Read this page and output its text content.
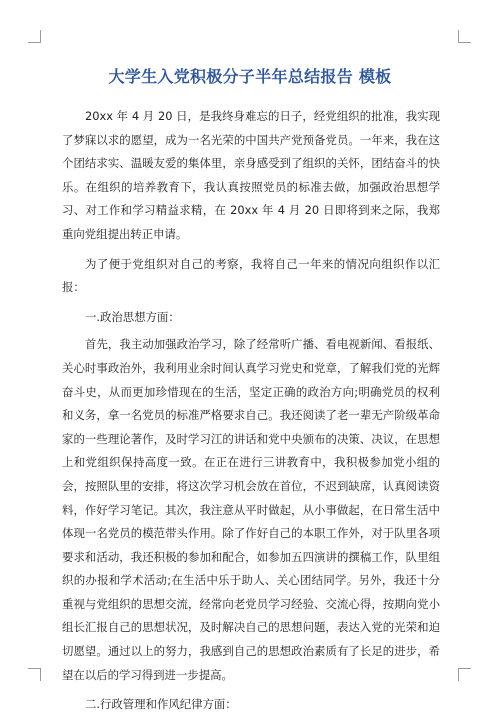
大学生入党积极分子半年总结报告 模板

20xx 年 4 月 20 日，是我终身难忘的日子，经党组织的批准，我实现了梦寐以求的愿望，成为一名光荣的中国共产党预备党员。一年来，我在这个团结求实、温暖友爱的集体里，亲身感受到了组织的关怀，团结奋斗的快乐。在组织的培养教育下，我认真按照党员的标准去做，加强政治思想学习、对工作和学习精益求精，在 20xx 年 4 月 20 日即将到来之际，我郑重向党组提出转正申请。

为了便于党组织对自己的考察，我将自己一年来的情况向组织作以汇报：

一.政治思想方面：

首先，我主动加强政治学习，除了经常听广播、看电视新闻、看报纸、关心时事政治外，我利用业余时间认真学习党史和党章，了解我们党的光辉奋斗史，从而更加珍惜现在的生活，坚定正确的政治方向;明确党员的权利和义务，拿一名党员的标准严格要求自己。我还阅读了老一辈无产阶级革命家的一些理论著作，及时学习江的讲话和党中央颁布的决策、决议，在思想上和党组织保持高度一致。在正在进行三讲教育中，我积极参加党小组的会，按照队里的安排，将这次学习机会放在首位，不迟到缺席，认真阅读资料，作好学习笔记。其次，我注意从平时做起，从小事做起，在日常生活中体现一名党员的模范带头作用。除了作好自己的本职工作外，对于队里各项要求和活动，我还积极的参加和配合，如参加五四演讲的撰稿工作，队里组织的办报和学术活动;在生活中乐于助人、关心团结同学。另外，我还十分重视与党组织的思想交流，经常向老党员学习经验、交流心得，按期向党小组长汇报自己的思想状况，及时解决自己的思想问题，表达入党的光荣和迫切愿望。通过以上的努力，我感到自己的思想政治素质有了长足的进步，希望在以后的学习得到进一步提高。

二.行政管理和作风纪律方面：
